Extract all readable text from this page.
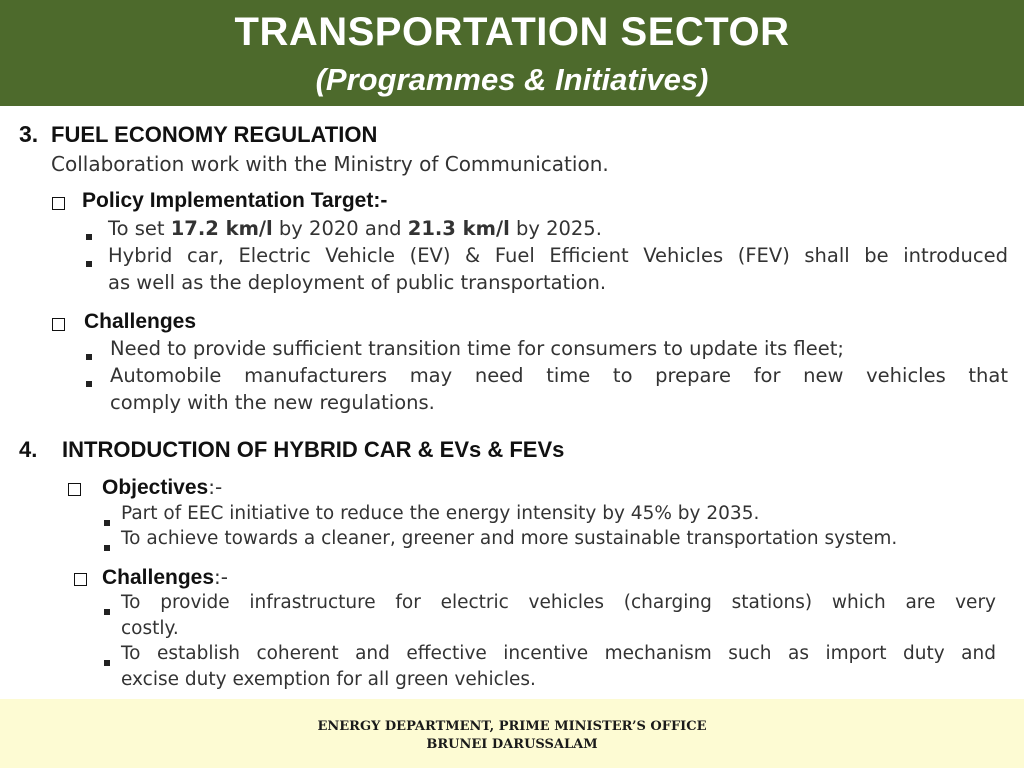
TRANSPORTATION SECTOR
(Programmes & Initiatives)
3. FUEL ECONOMY REGULATION
Collaboration work with the Ministry of Communication.
Policy Implementation Target:-
To set 17.2 km/l by 2020 and 21.3 km/l by 2025.
Hybrid car, Electric Vehicle (EV) & Fuel Efficient Vehicles (FEV) shall be introduced
as well as the deployment of public transportation.
Challenges
Need to provide sufficient transition time for consumers to update its fleet;
Automobile manufacturers may need time to prepare for new vehicles that
comply with the new regulations.
4. INTRODUCTION OF HYBRID CAR & EVs & FEVs
Objectives:-
Part of EEC initiative to reduce the energy intensity by 45% by 2035.
To achieve towards a cleaner, greener and more sustainable transportation system.
Challenges:-
To provide infrastructure for electric vehicles (charging stations) which are very
costly.
To establish coherent and effective incentive mechanism such as import duty and
excise duty exemption for all green vehicles.
ENERGY DEPARTMENT, PRIME MINISTER’S OFFICE
BRUNEI DARUSSALAM
